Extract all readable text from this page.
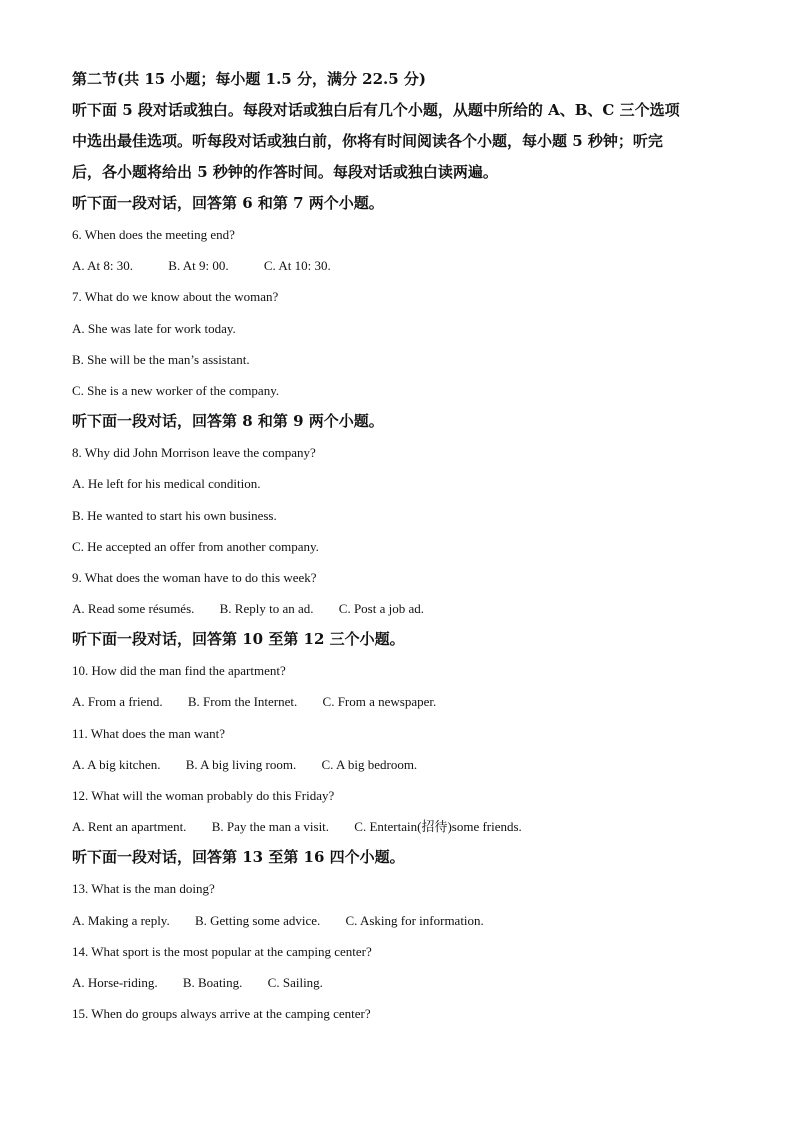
第二节(共 15 小题；每小题 1.5 分，满分 22.5 分)
听下面 5 段对话或独白。每段对话或独白后有几个小题，从题中所给的 A、B、C 三个选项
中选出最佳选项。听每段对话或独白前，你将有时间阅读各个小题，每小题 5 秒钟；听完
后，各小题将给出 5 秒钟的作答时间。每段对话或独白读两遍。
听下面一段对话，回答第 6 和第 7 两个小题。
6. When does the meeting end?
A. At 8: 30.	B. At 9: 00.	C. At 10: 30.
7. What do we know about the woman?
A. She was late for work today.
B. She will be the man’s assistant.
C. She is a new worker of the company.
听下面一段对话，回答第 8 和第 9 两个小题。
8. Why did John Morrison leave the company?
A. He left for his medical condition.
B. He wanted to start his own business.
C. He accepted an offer from another company.
9. What does the woman have to do this week?
A. Read some résumés. B. Reply to an ad. C. Post a job ad.
听下面一段对话，回答第 10 至第 12 三个小题。
10. How did the man find the apartment?
A. From a friend. B. From the Internet. C. From a newspaper.
11. What does the man want?
A. A big kitchen. B. A big living room. C. A big bedroom.
12. What will the woman probably do this Friday?
A. Rent an apartment. B. Pay the man a visit. C. Entertain(招待)some friends.
听下面一段对话，回答第 13 至第 16 四个小题。
13. What is the man doing?
A. Making a reply. B. Getting some advice. C. Asking for information.
14. What sport is the most popular at the camping center?
A. Horse-riding. B. Boating. C. Sailing.
15. When do groups always arrive at the camping center?
